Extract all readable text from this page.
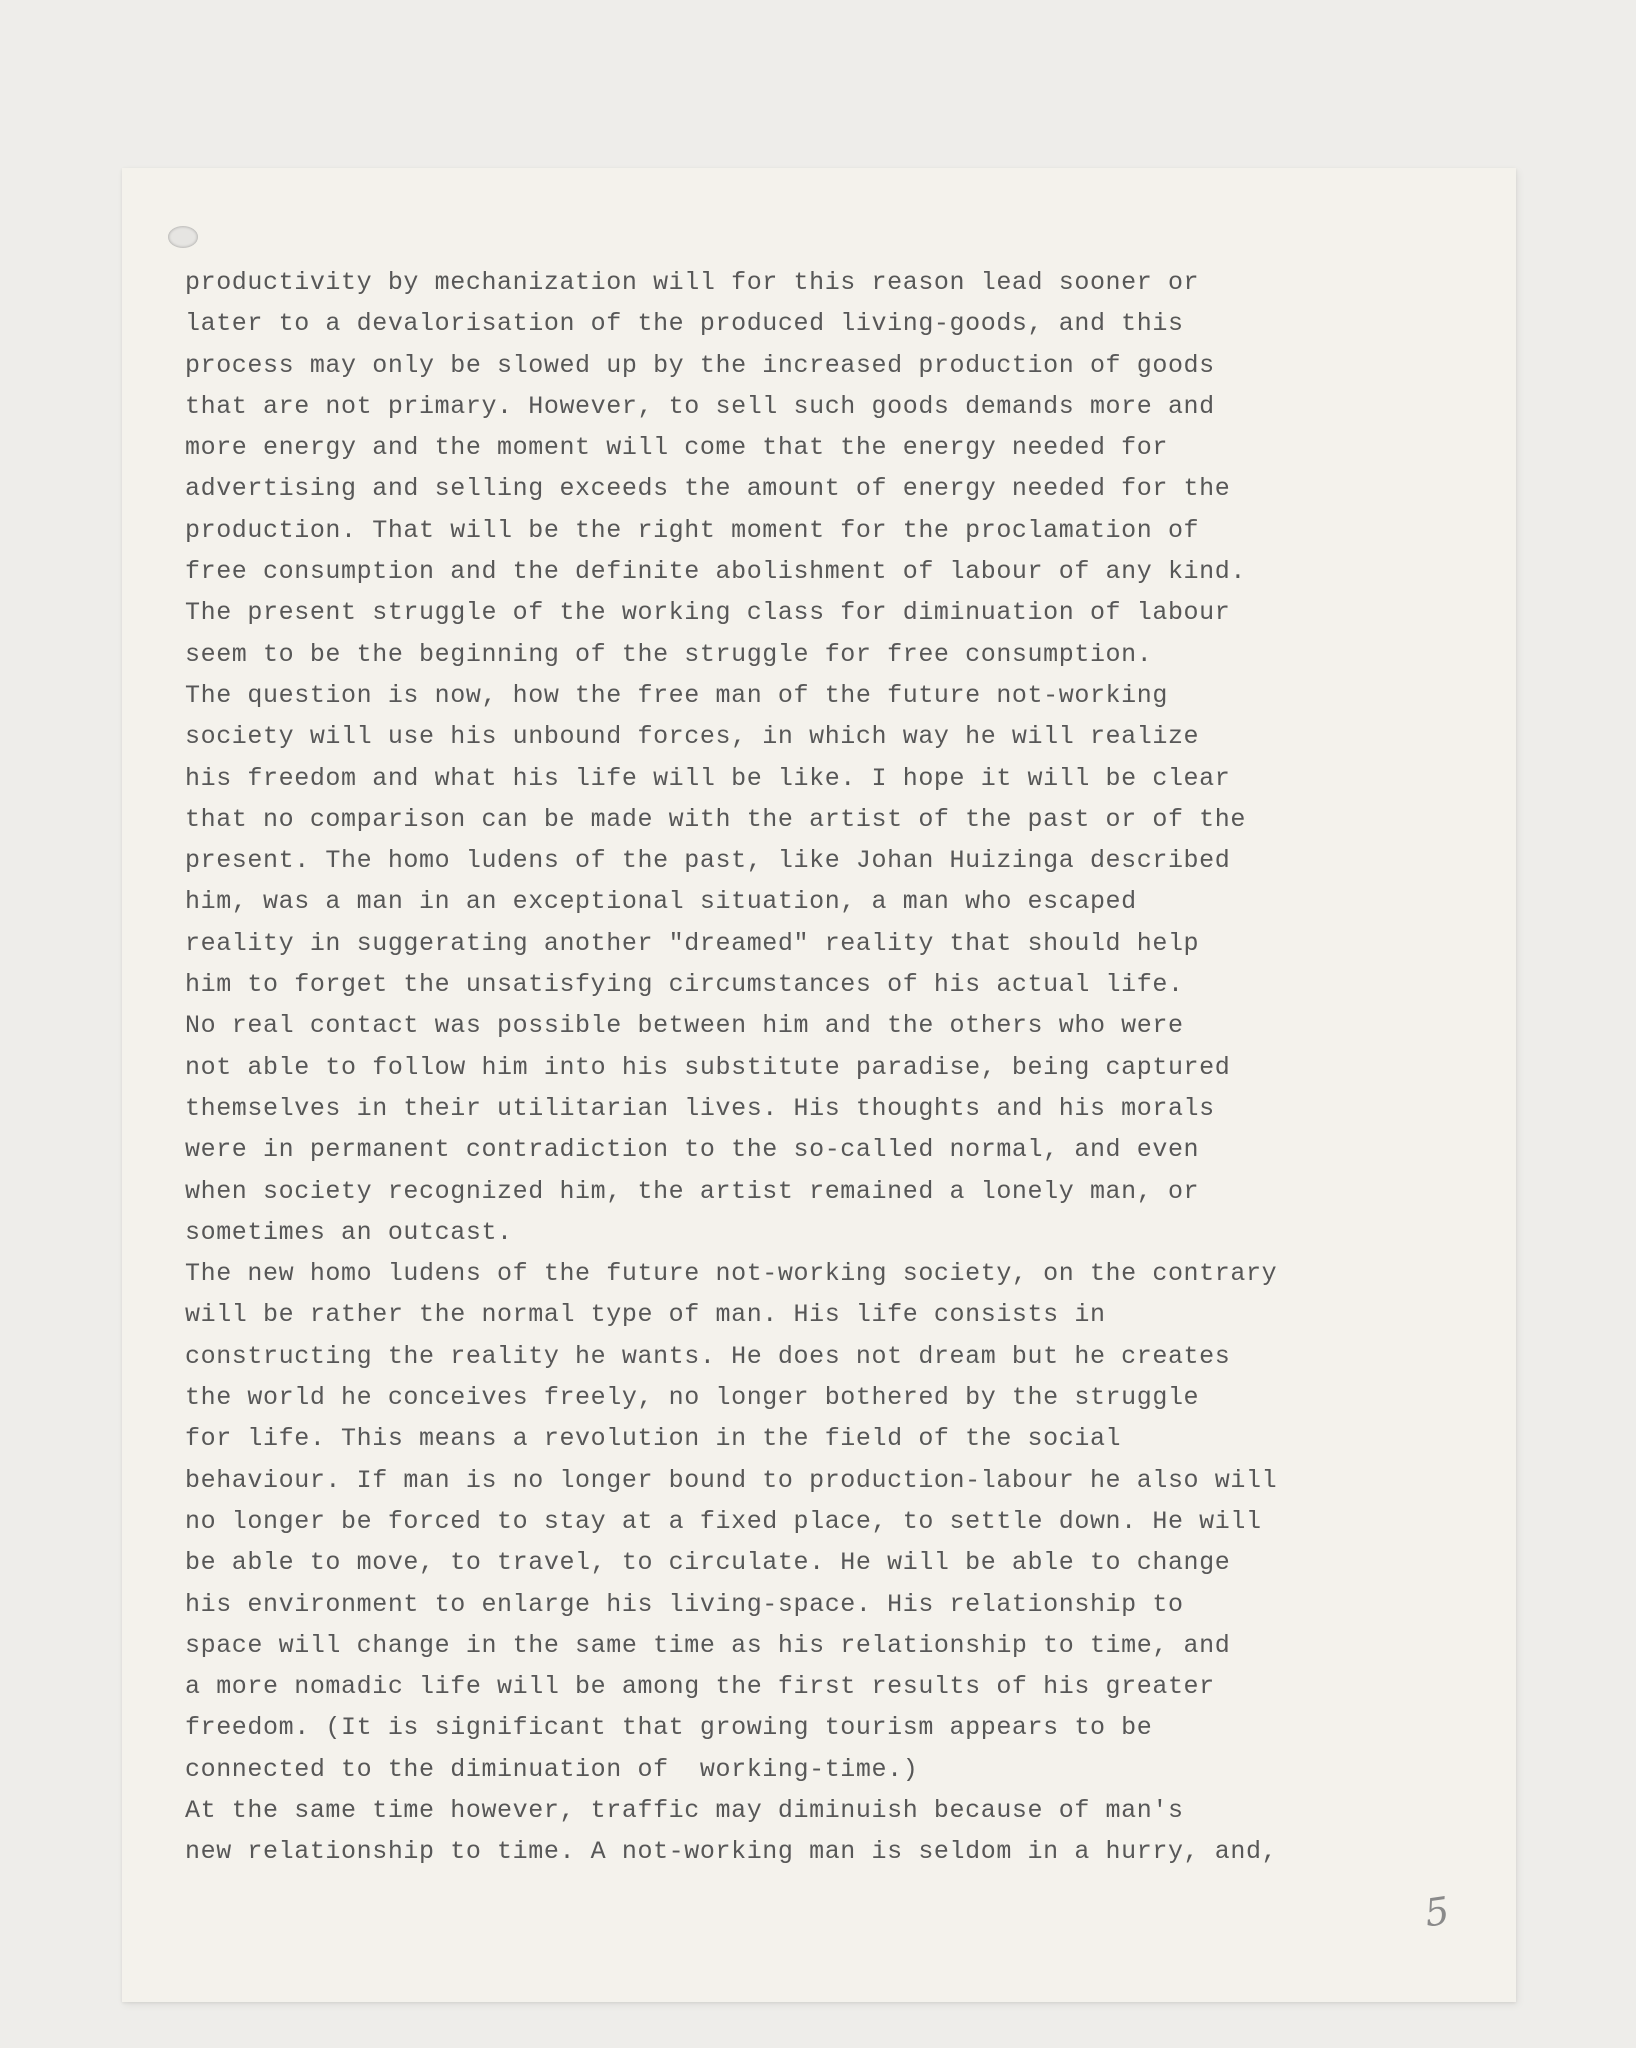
productivity by mechanization will for this reason lead sooner or
later to a devalorisation of the produced living-goods, and this
process may only be slowed up by the increased production of goods
that are not primary. However, to sell such goods demands more and
more energy and the moment will come that the energy needed for
advertising and selling exceeds the amount of energy needed for the
production. That will be the right moment for the proclamation of
free consumption and the definite abolishment of labour of any kind.
The present struggle of the working class for diminuation of labour
seem to be the beginning of the struggle for free consumption.
The question is now, how the free man of the future not-working
society will use his unbound forces, in which way he will realize
his freedom and what his life will be like. I hope it will be clear
that no comparison can be made with the artist of the past or of the
present. The homo ludens of the past, like Johan Huizinga described
him, was a man in an exceptional situation, a man who escaped
reality in suggerating another "dreamed" reality that should help
him to forget the unsatisfying circumstances of his actual life.
No real contact was possible between him and the others who were
not able to follow him into his substitute paradise, being captured
themselves in their utilitarian lives. His thoughts and his morals
were in permanent contradiction to the so-called normal, and even
when society recognized him, the artist remained a lonely man, or
sometimes an outcast.
The new homo ludens of the future not-working society, on the contrary
will be rather the normal type of man. His life consists in
constructing the reality he wants. He does not dream but he creates
the world he conceives freely, no longer bothered by the struggle
for life. This means a revolution in the field of the social
behaviour. If man is no longer bound to production-labour he also will
no longer be forced to stay at a fixed place, to settle down. He will
be able to move, to travel, to circulate. He will be able to change
his environment to enlarge his living-space. His relationship to
space will change in the same time as his relationship to time, and
a more nomadic life will be among the first results of his greater
freedom. (It is significant that growing tourism appears to be
connected to the diminuation of  working-time.)
At the same time however, traffic may diminuish because of man's
new relationship to time. A not-working man is seldom in a hurry, and,
5
